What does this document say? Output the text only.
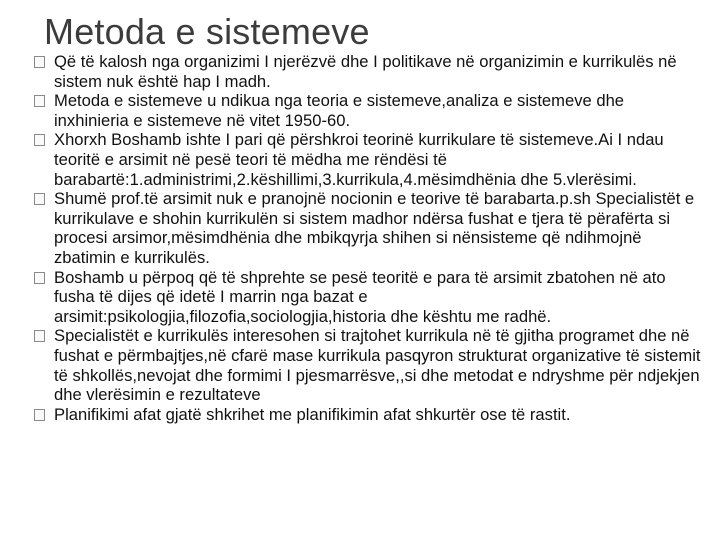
Metoda e sistemeve
Që të kalosh nga organizimi I njerëzvë dhe I politikave në organizimin e kurrikulës në sistem nuk është hap I madh.
Metoda e sistemeve u ndikua nga teoria e sistemeve,analiza e sistemeve dhe inxhinieria e sistemeve në vitet 1950-60.
Xhorxh Boshamb ishte I pari që përshkroi teorinë kurrikulare të sistemeve.Ai I ndau teoritë e arsimit në pesë teori të mëdha me rëndësi të barabartë:1.administrimi,2.këshillimi,3.kurrikula,4.mësimdhënia dhe 5.vlerësimi.
Shumë prof.të arsimit nuk e pranojnë nocionin e teorive të barabarta.p.sh Specialistët e kurrikulave e shohin kurrikulën si sistem madhor ndërsa fushat e tjera të përafërta si procesi arsimor,mësimdhënia dhe mbikqyrja shihen si nënsisteme që ndihmojnë zbatimin e kurrikulës.
Boshamb u përpoq që të shprehte se pesë teoritë e para të arsimit zbatohen në ato fusha të dijes që idetë I marrin nga bazat e arsimit:psikologjia,filozofia,sociologjia,historia dhe kështu me radhë.
Specialistët e kurrikulës interesohen si trajtohet kurrikula në të gjitha programet dhe në fushat e përmbajtjes,në cfarë mase kurrikula pasqyron strukturat organizative të sistemit të shkollës,nevojat dhe formimi I pjesmarrësve,,si dhe metodat e ndryshme për ndjekjen dhe vlerësimin e rezultateve
Planifikimi afat gjatë shkrihet me planifikimin afat shkurtër ose të rastit.
